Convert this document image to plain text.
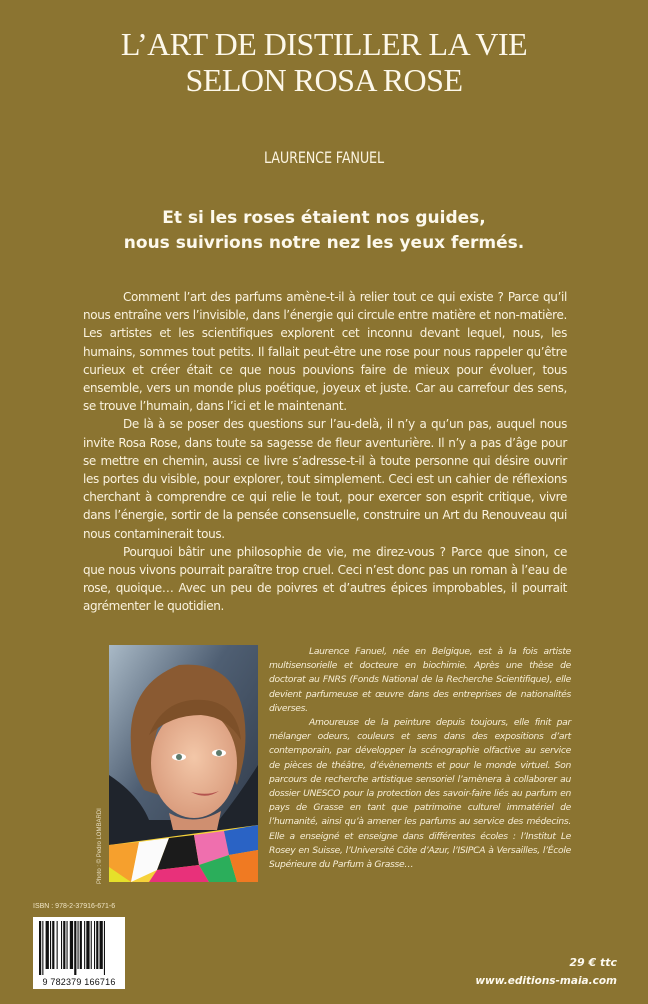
L’ART DE DISTILLER LA VIE
SELON ROSA ROSE
LAURENCE FANUEL
Et si les roses étaient nos guides,
nous suivrions notre nez les yeux fermés.

Comment l’art des parfums amène-t-il à relier tout ce qui existe ? Parce qu’il nous entraîne vers l’invisible, dans l’énergie qui circule entre matière et non-matière. Les artistes et les scientifiques explorent cet inconnu devant lequel, nous, les humains, sommes tout petits. Il fallait peut-être une rose pour nous rappeler qu’être curieux et créer était ce que nous pouvions faire de mieux pour évoluer, tous ensemble, vers un monde plus poétique, joyeux et juste. Car au carrefour des sens, se trouve l’humain, dans l’ici et le maintenant.

De là à se poser des questions sur l’au-delà, il n’y a qu’un pas, auquel nous invite Rosa Rose, dans toute sa sagesse de fleur aventurière. Il n’y a pas d’âge pour se mettre en chemin, aussi ce livre s’adresse-t-il à toute personne qui désire ouvrir les portes du visible, pour explorer, tout simplement. Ceci est un cahier de réflexions cherchant à comprendre ce qui relie le tout, pour exercer son esprit critique, vivre dans l’énergie, sortir de la pensée consensuelle, construire un Art du Renouveau qui nous contaminerait tous.

Pourquoi bâtir une philosophie de vie, me direz-vous ? Parce que sinon, ce que nous vivons pourrait paraître trop cruel. Ceci n’est donc pas un roman à l’eau de rose, quoique… Avec un peu de poivres et d’autres épices improbables, il pourrait agrémenter le quotidien.

Photo : © Pedro LOMBARDI

Laurence Fanuel, née en Belgique, est à la fois artiste multisensorielle et docteure en biochimie. Après une thèse de doctorat au FNRS (Fonds National de la Recherche Scientifique), elle devient parfumeuse et œuvre dans des entreprises de nationalités diverses.

Amoureuse de la peinture depuis toujours, elle finit par mélanger odeurs, couleurs et sens dans des expositions d’art contemporain, par développer la scénographie olfactive au service de pièces de théâtre, d’évènements et pour le monde virtuel. Son parcours de recherche artistique sensoriel l’amènera à collaborer au dossier UNESCO pour la protection des savoir-faire liés au parfum en pays de Grasse en tant que patrimoine culturel immatériel de l’humanité, ainsi qu’à amener les parfums au service des médecins. Elle a enseigné et enseigne dans différentes écoles : l’Institut Le Rosey en Suisse, l’Université Côte d’Azur, l’ISIPCA à Versailles, l’École Supérieure du Parfum à Grasse…

ISBN : 978-2-37916-671-6
9 782379 166716
29 € ttc
www.editions-maia.com
